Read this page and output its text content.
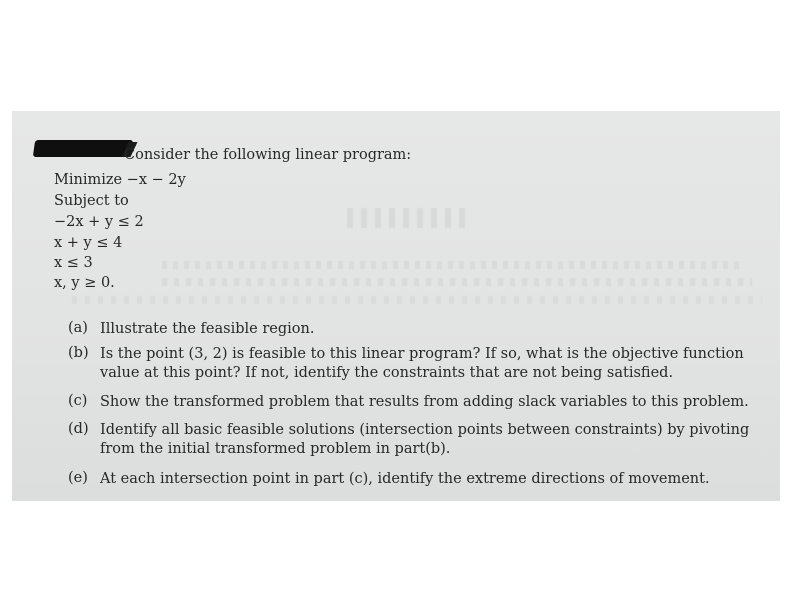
Consider the following linear program:
Minimize −x − 2y
Subject to
−2x + y ≤ 2
x + y ≤ 4
x ≤ 3
x, y ≥ 0.
(a) Illustrate the feasible region.
(b) Is the point (3, 2) is feasible to this linear program? If so, what is the objective function
value at this point? If not, identify the constraints that are not being satisfied.
(c) Show the transformed problem that results from adding slack variables to this problem.
(d) Identify all basic feasible solutions (intersection points between constraints) by pivoting
from the initial transformed problem in part(b).
(e) At each intersection point in part (c), identify the extreme directions of movement.
